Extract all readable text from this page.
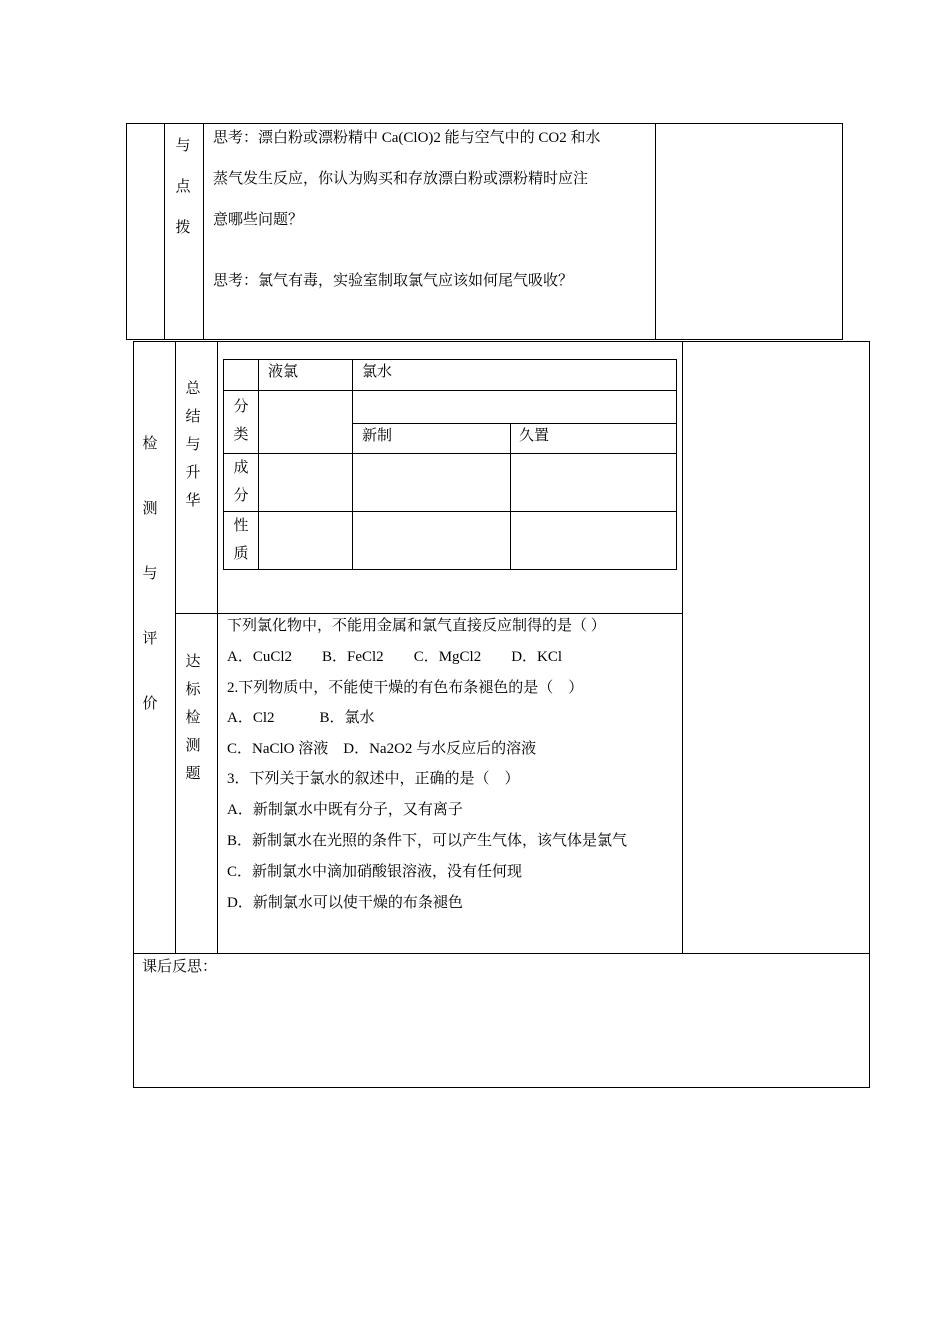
与
点
拨
思考：漂白粉或漂粉精中 Ca(ClO)2 能与空气中的 CO2 和水
蒸气发生反应，你认为购买和存放漂白粉或漂粉精时应注
意哪些问题？
思考：氯气有毒，实验室制取氯气应该如何尾气吸收？
检
测
与
评
价
总
结
与
升
华
达
标
检
测
题
液氯	氯水
新制	久置
分
类
成
分
性
质
下列氯化物中，不能用金属和氯气直接反应制得的是（ ）
A．CuCl2　　B．FeCl2　　C．MgCl2　　D．KCl
2.下列物质中，不能使干燥的有色布条褪色的是（　）
A．Cl2　　　B．氯水
C．NaClO 溶液　D．Na2O2 与水反应后的溶液
3．下列关于氯水的叙述中，正确的是（　）
A．新制氯水中既有分子，又有离子
B．新制氯水在光照的条件下，可以产生气体，该气体是氯气
C．新制氯水中滴加硝酸银溶液，没有任何现
D．新制氯水可以使干燥的布条褪色
课后反思：
